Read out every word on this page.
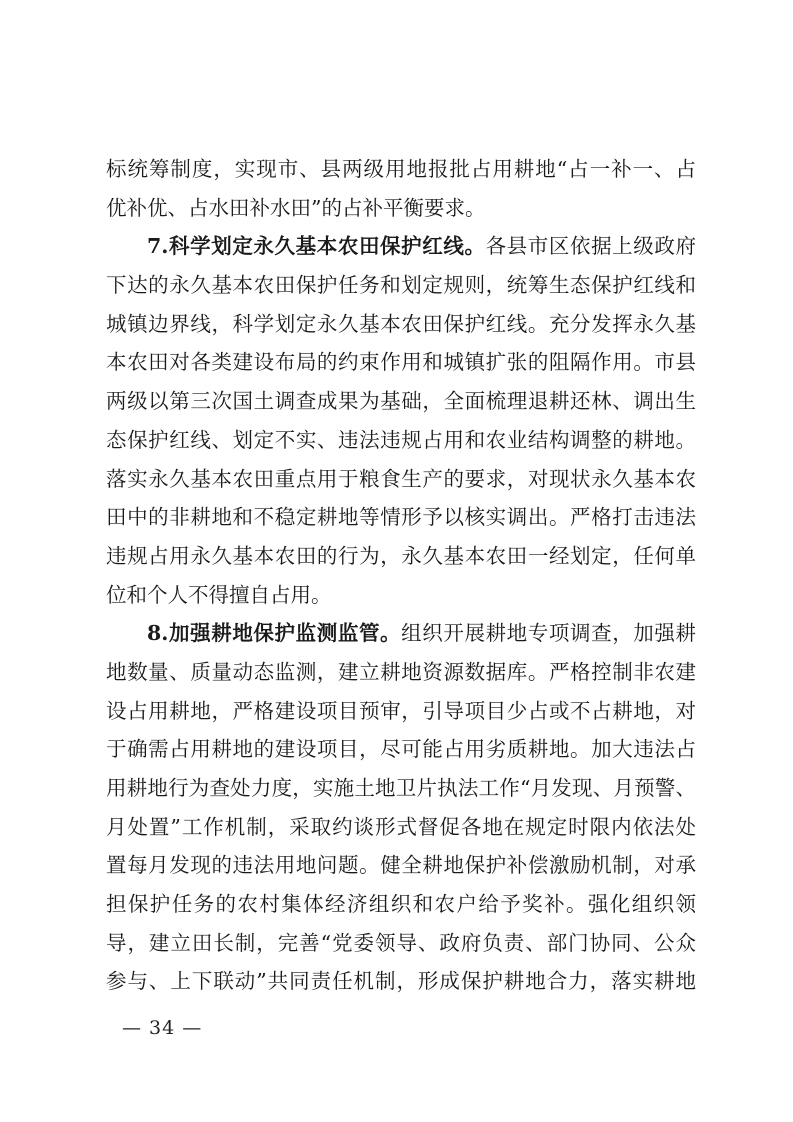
标统筹制度，实现市、县两级用地报批占用耕地“占一补一、占
优补优、占水田补水田”的占补平衡要求。
7.科学划定永久基本农田保护红线。各县市区依据上级政府
下达的永久基本农田保护任务和划定规则，统筹生态保护红线和
城镇边界线，科学划定永久基本农田保护红线。充分发挥永久基
本农田对各类建设布局的约束作用和城镇扩张的阻隔作用。市县
两级以第三次国土调查成果为基础，全面梳理退耕还林、调出生
态保护红线、划定不实、违法违规占用和农业结构调整的耕地。
落实永久基本农田重点用于粮食生产的要求，对现状永久基本农
田中的非耕地和不稳定耕地等情形予以核实调出。严格打击违法
违规占用永久基本农田的行为，永久基本农田一经划定，任何单
位和个人不得擅自占用。
8.加强耕地保护监测监管。组织开展耕地专项调查，加强耕
地数量、质量动态监测，建立耕地资源数据库。严格控制非农建
设占用耕地，严格建设项目预审，引导项目少占或不占耕地，对
于确需占用耕地的建设项目，尽可能占用劣质耕地。加大违法占
用耕地行为查处力度，实施土地卫片执法工作“月发现、月预警、
月处置”工作机制，采取约谈形式督促各地在规定时限内依法处
置每月发现的违法用地问题。健全耕地保护补偿激励机制，对承
担保护任务的农村集体经济组织和农户给予奖补。强化组织领
导，建立田长制，完善“党委领导、政府负责、部门协同、公众
参与、上下联动”共同责任机制，形成保护耕地合力，落实耕地
— 34 —
